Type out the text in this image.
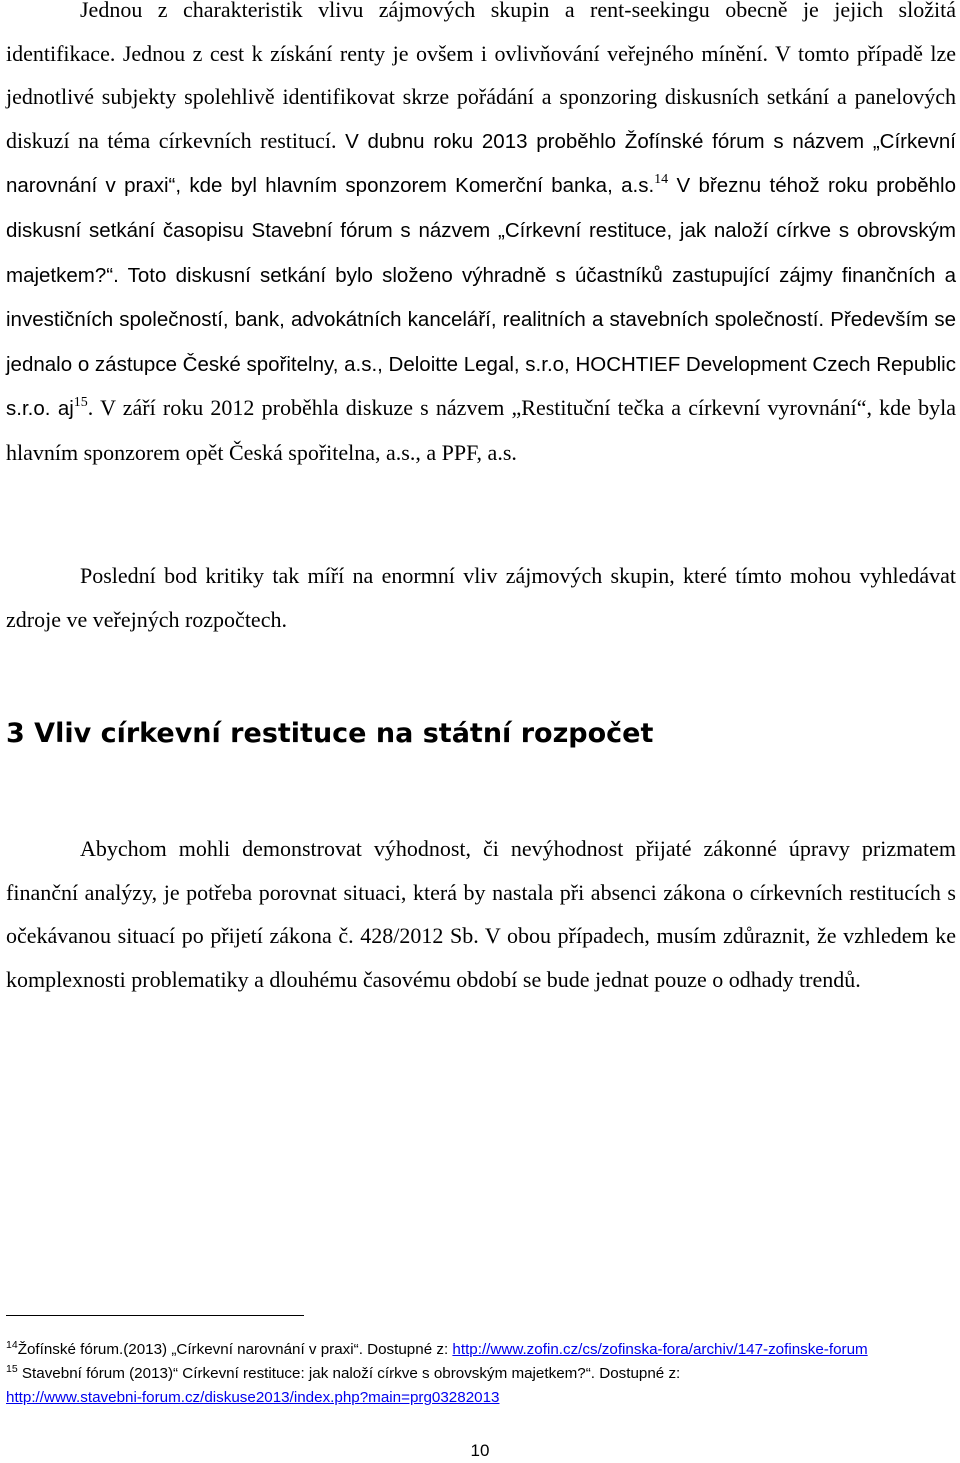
Jednou z charakteristik vlivu zájmových skupin a rent-seekingu obecně je jejich složitá identifikace. Jednou z cest k získání renty je ovšem i ovlivňování veřejného mínění. V tomto případě lze jednotlivé subjekty spolehlivě identifikovat skrze pořádání a sponzoring diskusních setkání a panelových diskuzí na téma církevních restitucí. V dubnu roku 2013 proběhlo Žofínské fórum s názvem „Církevní narovnání v praxi“, kde byl hlavním sponzorem Komerční banka, a.s.$^{14}$ V březnu téhož roku proběhlo diskusní setkání časopisu Stavební fórum s názvem „Církevní restituce, jak naloží církve s obrovským majetkem?“. Toto diskusní setkání bylo složeno výhradně s účastníků zastupující zájmy finančních a investičních společností, bank, advokátních kanceláří, realitních a stavebních společností. Především se jednalo o zástupce České spořitelny, a.s., Deloitte Legal, s.r.o, HOCHTIEF Development Czech Republic s.r.o. $aj^{15}$. V září roku 2012 proběhla diskuze s názvem „Restituční tečka a církevní vyrovnání“, kde byla hlavním sponzorem opět Česká spořitelna, a.s., a PPF, a.s.

Poslední bod kritiky tak míří na enormní vliv zájmových skupin, které tímto mohou vyhledávat zdroje ve veřejných rozpočtech.

3 Vliv církevní restituce na státní rozpočet

Abychom mohli demonstrovat výhodnost, či nevýhodnost přijaté zákonné úpravy prizmatem finanční analýzy, je potřeba porovnat situaci, která by nastala při absenci zákona o církevních restitucích s očekávanou situací po přijetí zákona č. 428/2012 Sb. V obou případech, musím zdůraznit, že vzhledem ke komplexnosti problematiky a dlouhému časovému období se bude jednat pouze o odhady trendů.

$^{14}$Žofínské fórum.(2013) „Církevní narovnání v praxi“. Dostupné z: http://www.zofin.cz/cs/zofinska-fora/archiv/147-zofinske-forum

$^{15}$ Stavební fórum (2013)“ Církevní restituce: jak naloží církve s obrovským majetkem?“. Dostupné z:
http://www.stavebni-forum.cz/diskuse2013/index.php?main=prg03282013

10
